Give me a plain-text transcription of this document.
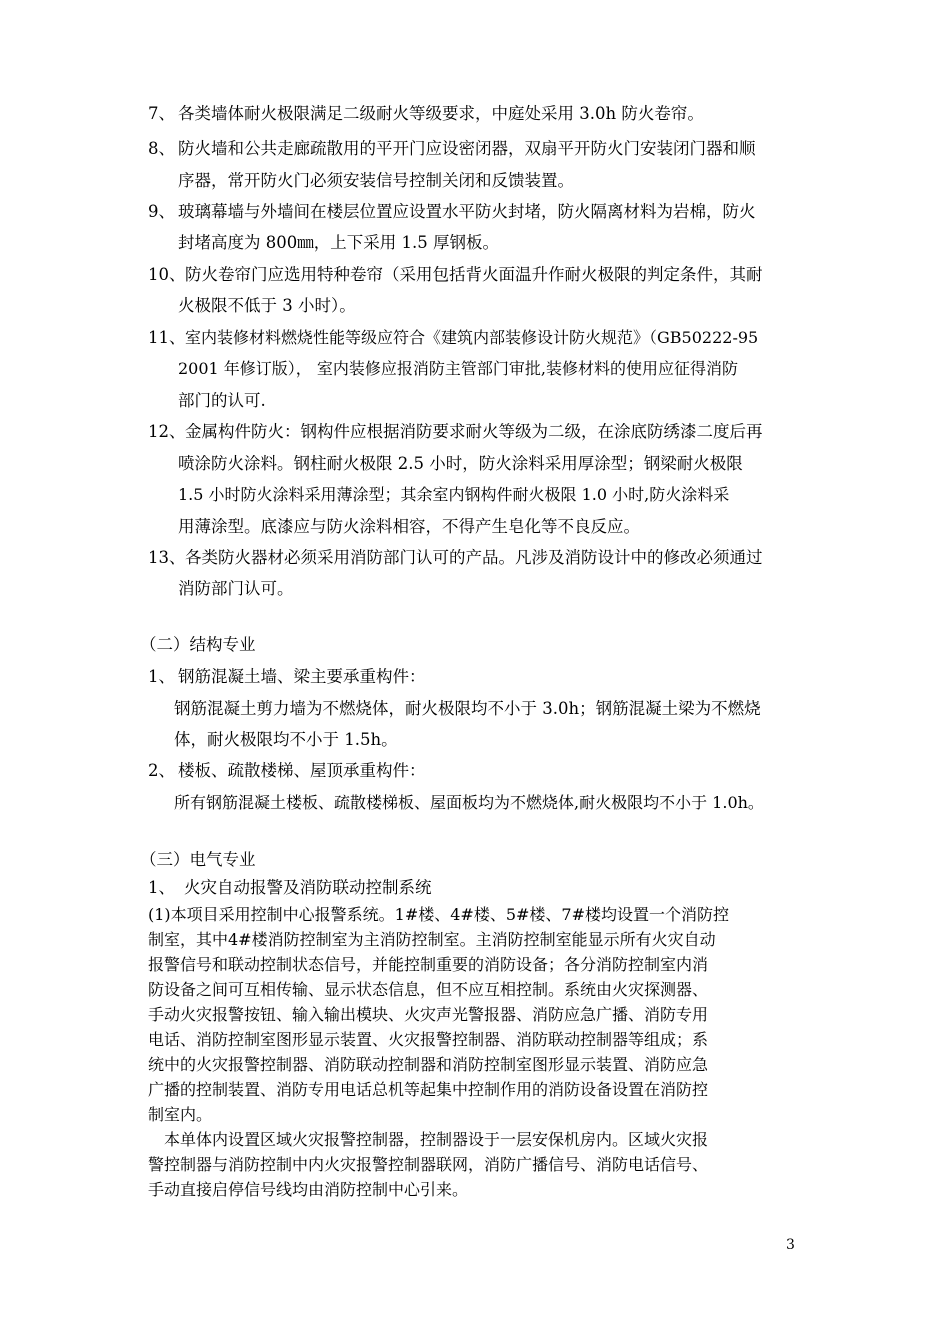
7、 各类墙体耐火极限满足二级耐火等级要求，中庭处采用 3.0h 防火卷帘。
8、 防火墙和公共走廊疏散用的平开门应设密闭器，双扇平开防火门安装闭门器和顺
序器，常开防火门必须安装信号控制关闭和反馈装置。
9、 玻璃幕墙与外墙间在楼层位置应设置水平防火封堵，防火隔离材料为岩棉，防火
封堵高度为 800㎜，上下采用 1.5 厚钢板。
10、 防火卷帘门应选用特种卷帘（采用包括背火面温升作耐火极限的判定条件，其耐
火极限不低于 3 小时）。
11、 室内装修材料燃烧性能等级应符合《建筑内部装修设计防火规范》（GB50222-95
2001 年修订版）， 室内装修应报消防主管部门审批,装修材料的使用应征得消防
部门的认可.
12、 金属构件防火：钢构件应根据消防要求耐火等级为二级，在涂底防绣漆二度后再
喷涂防火涂料。钢柱耐火极限 2.5 小时，防火涂料采用厚涂型；钢梁耐火极限
1.5 小时防火涂料采用薄涂型；其余室内钢构件耐火极限 1.0 小时,防火涂料采
用薄涂型。底漆应与防火涂料相容，不得产生皂化等不良反应。
13、 各类防火器材必须采用消防部门认可的产品。凡涉及消防设计中的修改必须通过
消防部门认可。
（二）结构专业
1、 钢筋混凝土墙、梁主要承重构件：
钢筋混凝土剪力墙为不燃烧体，耐火极限均不小于 3.0h；钢筋混凝土梁为不燃烧
体，耐火极限均不小于 1.5h。
2、 楼板、疏散楼梯、屋顶承重构件：
所有钢筋混凝土楼板、疏散楼梯板、屋面板均为不燃烧体,耐火极限均不小于 1.0h。
（三）电气专业
1、 火灾自动报警及消防联动控制系统
(1)本项目采用控制中心报警系统。1#楼、4#楼、5#楼、7#楼均设置一个消防控
制室，其中4#楼消防控制室为主消防控制室。主消防控制室能显示所有火灾自动
报警信号和联动控制状态信号，并能控制重要的消防设备；各分消防控制室内消
防设备之间可互相传输、显示状态信息，但不应互相控制。系统由火灾探测器、
手动火灾报警按钮、输入输出模块、火灾声光警报器、消防应急广播、消防专用
电话、消防控制室图形显示装置、火灾报警控制器、消防联动控制器等组成；系
统中的火灾报警控制器、消防联动控制器和消防控制室图形显示装置、消防应急
广播的控制装置、消防专用电话总机等起集中控制作用的消防设备设置在消防控
制室内。
本单体内设置区域火灾报警控制器，控制器设于一层安保机房内。区域火灾报
警控制器与消防控制中内火灾报警控制器联网，消防广播信号、消防电话信号、
手动直接启停信号线均由消防控制中心引来。
3
